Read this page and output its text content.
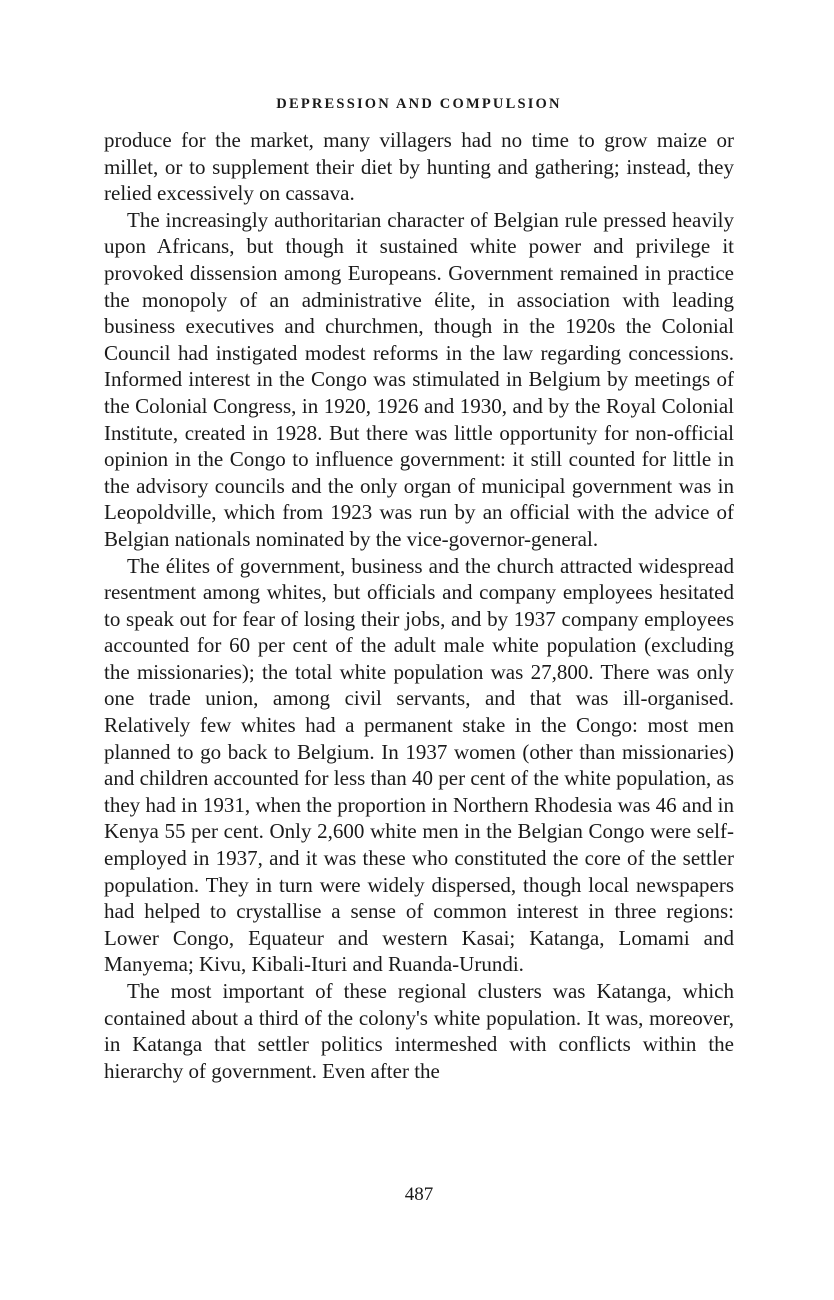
DEPRESSION AND COMPULSION

produce for the market, many villagers had no time to grow maize or millet, or to supplement their diet by hunting and gathering; instead, they relied excessively on cassava.

The increasingly authoritarian character of Belgian rule pressed heavily upon Africans, but though it sustained white power and privilege it provoked dissension among Europeans. Government remained in practice the monopoly of an administrative élite, in association with leading business executives and churchmen, though in the 1920s the Colonial Council had instigated modest reforms in the law regarding concessions. Informed interest in the Congo was stimulated in Belgium by meetings of the Colonial Congress, in 1920, 1926 and 1930, and by the Royal Colonial Institute, created in 1928. But there was little opportunity for non-official opinion in the Congo to influence government: it still counted for little in the advisory councils and the only organ of municipal government was in Leopoldville, which from 1923 was run by an official with the advice of Belgian nationals nominated by the vice-governor-general.

The élites of government, business and the church attracted widespread resentment among whites, but officials and company employees hesitated to speak out for fear of losing their jobs, and by 1937 company employees accounted for 60 per cent of the adult male white population (excluding the missionaries); the total white population was 27,800. There was only one trade union, among civil servants, and that was ill-organised. Relatively few whites had a permanent stake in the Congo: most men planned to go back to Belgium. In 1937 women (other than missionaries) and children accounted for less than 40 per cent of the white population, as they had in 1931, when the proportion in Northern Rhodesia was 46 and in Kenya 55 per cent. Only 2,600 white men in the Belgian Congo were self-employed in 1937, and it was these who constituted the core of the settler population. They in turn were widely dispersed, though local newspapers had helped to crystallise a sense of common interest in three regions: Lower Congo, Equateur and western Kasai; Katanga, Lomami and Manyema; Kivu, Kibali-Ituri and Ruanda-Urundi.

The most important of these regional clusters was Katanga, which contained about a third of the colony's white population. It was, moreover, in Katanga that settler politics intermeshed with conflicts within the hierarchy of government. Even after the

487
